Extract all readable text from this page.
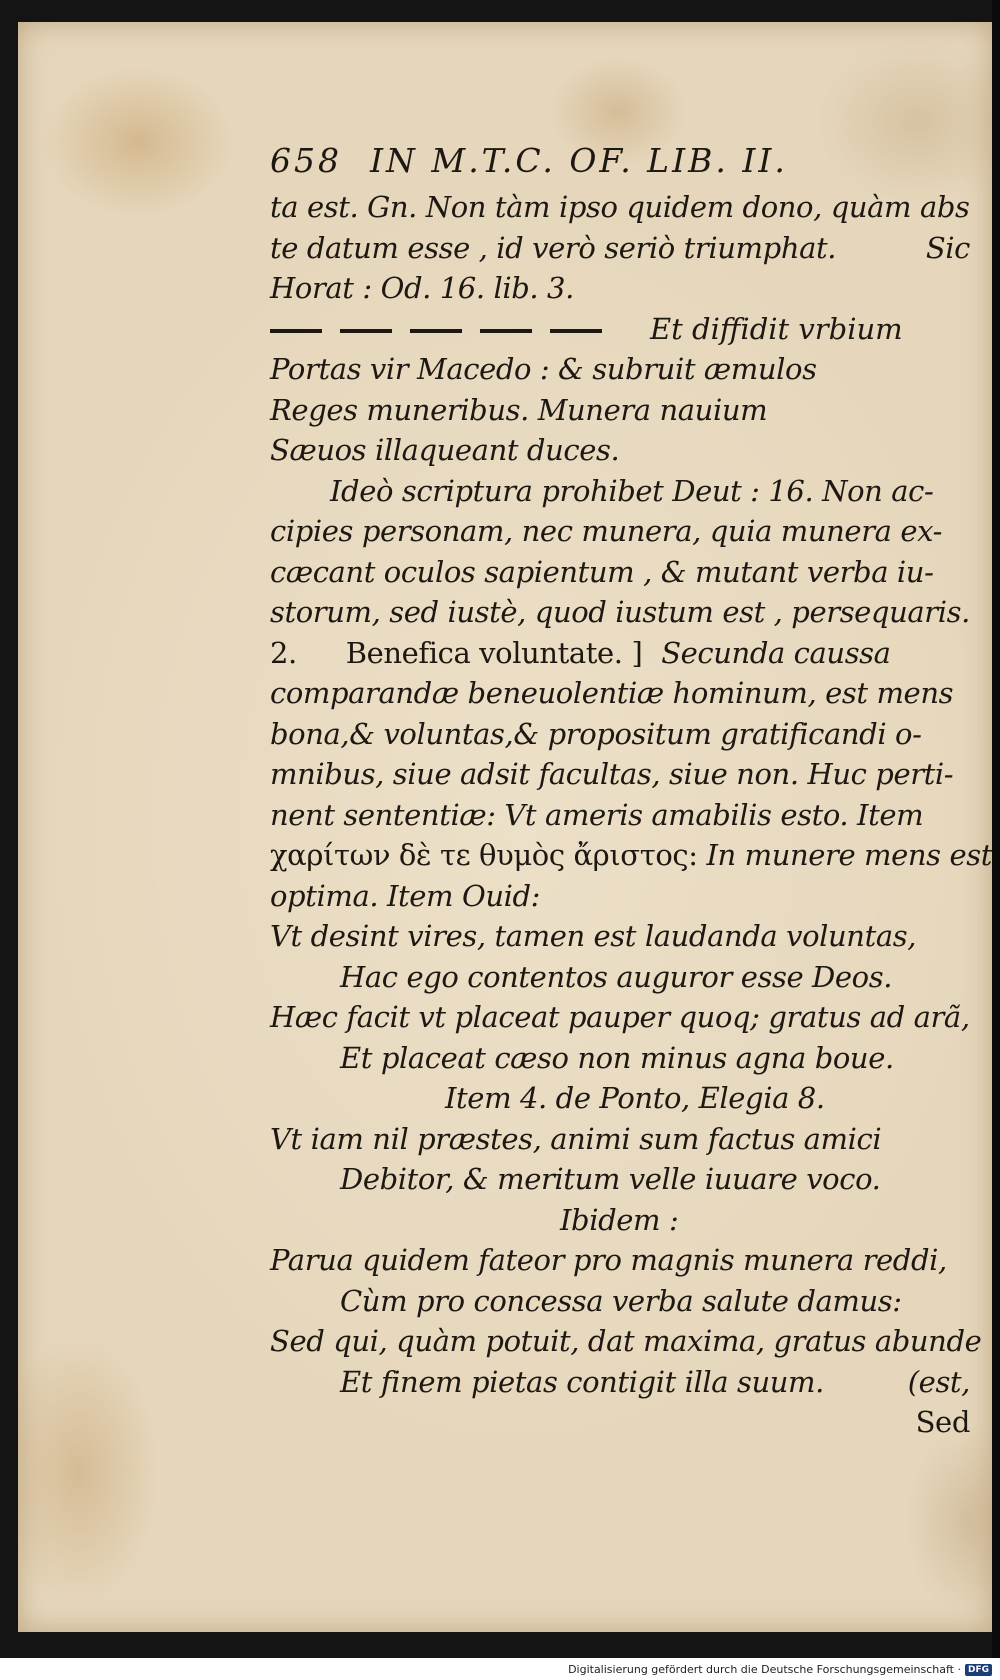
658 IN M.T.C. OF. LIB. II.
ta est. Gn. Non tàm ipso quidem dono, quàm abs
te datum esse , id verò seriò triumphat.	Sic
Horat : Od. 16. lib. 3.
Et diffidit vrbium
Portas vir Macedo : & subruit æmulos
Reges muneribus. Munera nauium
Sæuos illaqueant duces.
Ideò scriptura prohibet Deut : 16. Non ac-
cipies personam, nec munera, quia munera ex-
cæcant oculos sapientum , & mutant verba iu-
storum, sed iustè, quod iustum est , persequaris.
2. Benefica voluntate. ] Secunda caussa
comparandæ beneuolentiæ hominum, est mens
bona,& voluntas,& propositum gratificandi o-
mnibus, siue adsit facultas, siue non. Huc perti-
nent sententiæ: Vt ameris amabilis esto. Item
χαρίτων δὲ τε θυμὸς ἄριστος: In munere mens est
optima. Item Ouid:
Vt desint vires, tamen est laudanda voluntas,
Hac ego contentos auguror esse Deos.
Hæc facit vt placeat pauper quoq; gratus ad arã,
Et placeat cæso non minus agna boue.
Item 4. de Ponto, Elegia 8.
Vt iam nil præstes, animi sum factus amici
Debitor, & meritum velle iuuare voco.
Ibidem :
Parua quidem fateor pro magnis munera reddi,
Cùm pro concessa verba salute damus:
Sed qui, quàm potuit, dat maxima, gratus abunde
Et finem pietas contigit illa suum.	(est,
Sed
Digitalisierung gefördert durch die Deutsche Forschungsgemeinschaft · DFG
